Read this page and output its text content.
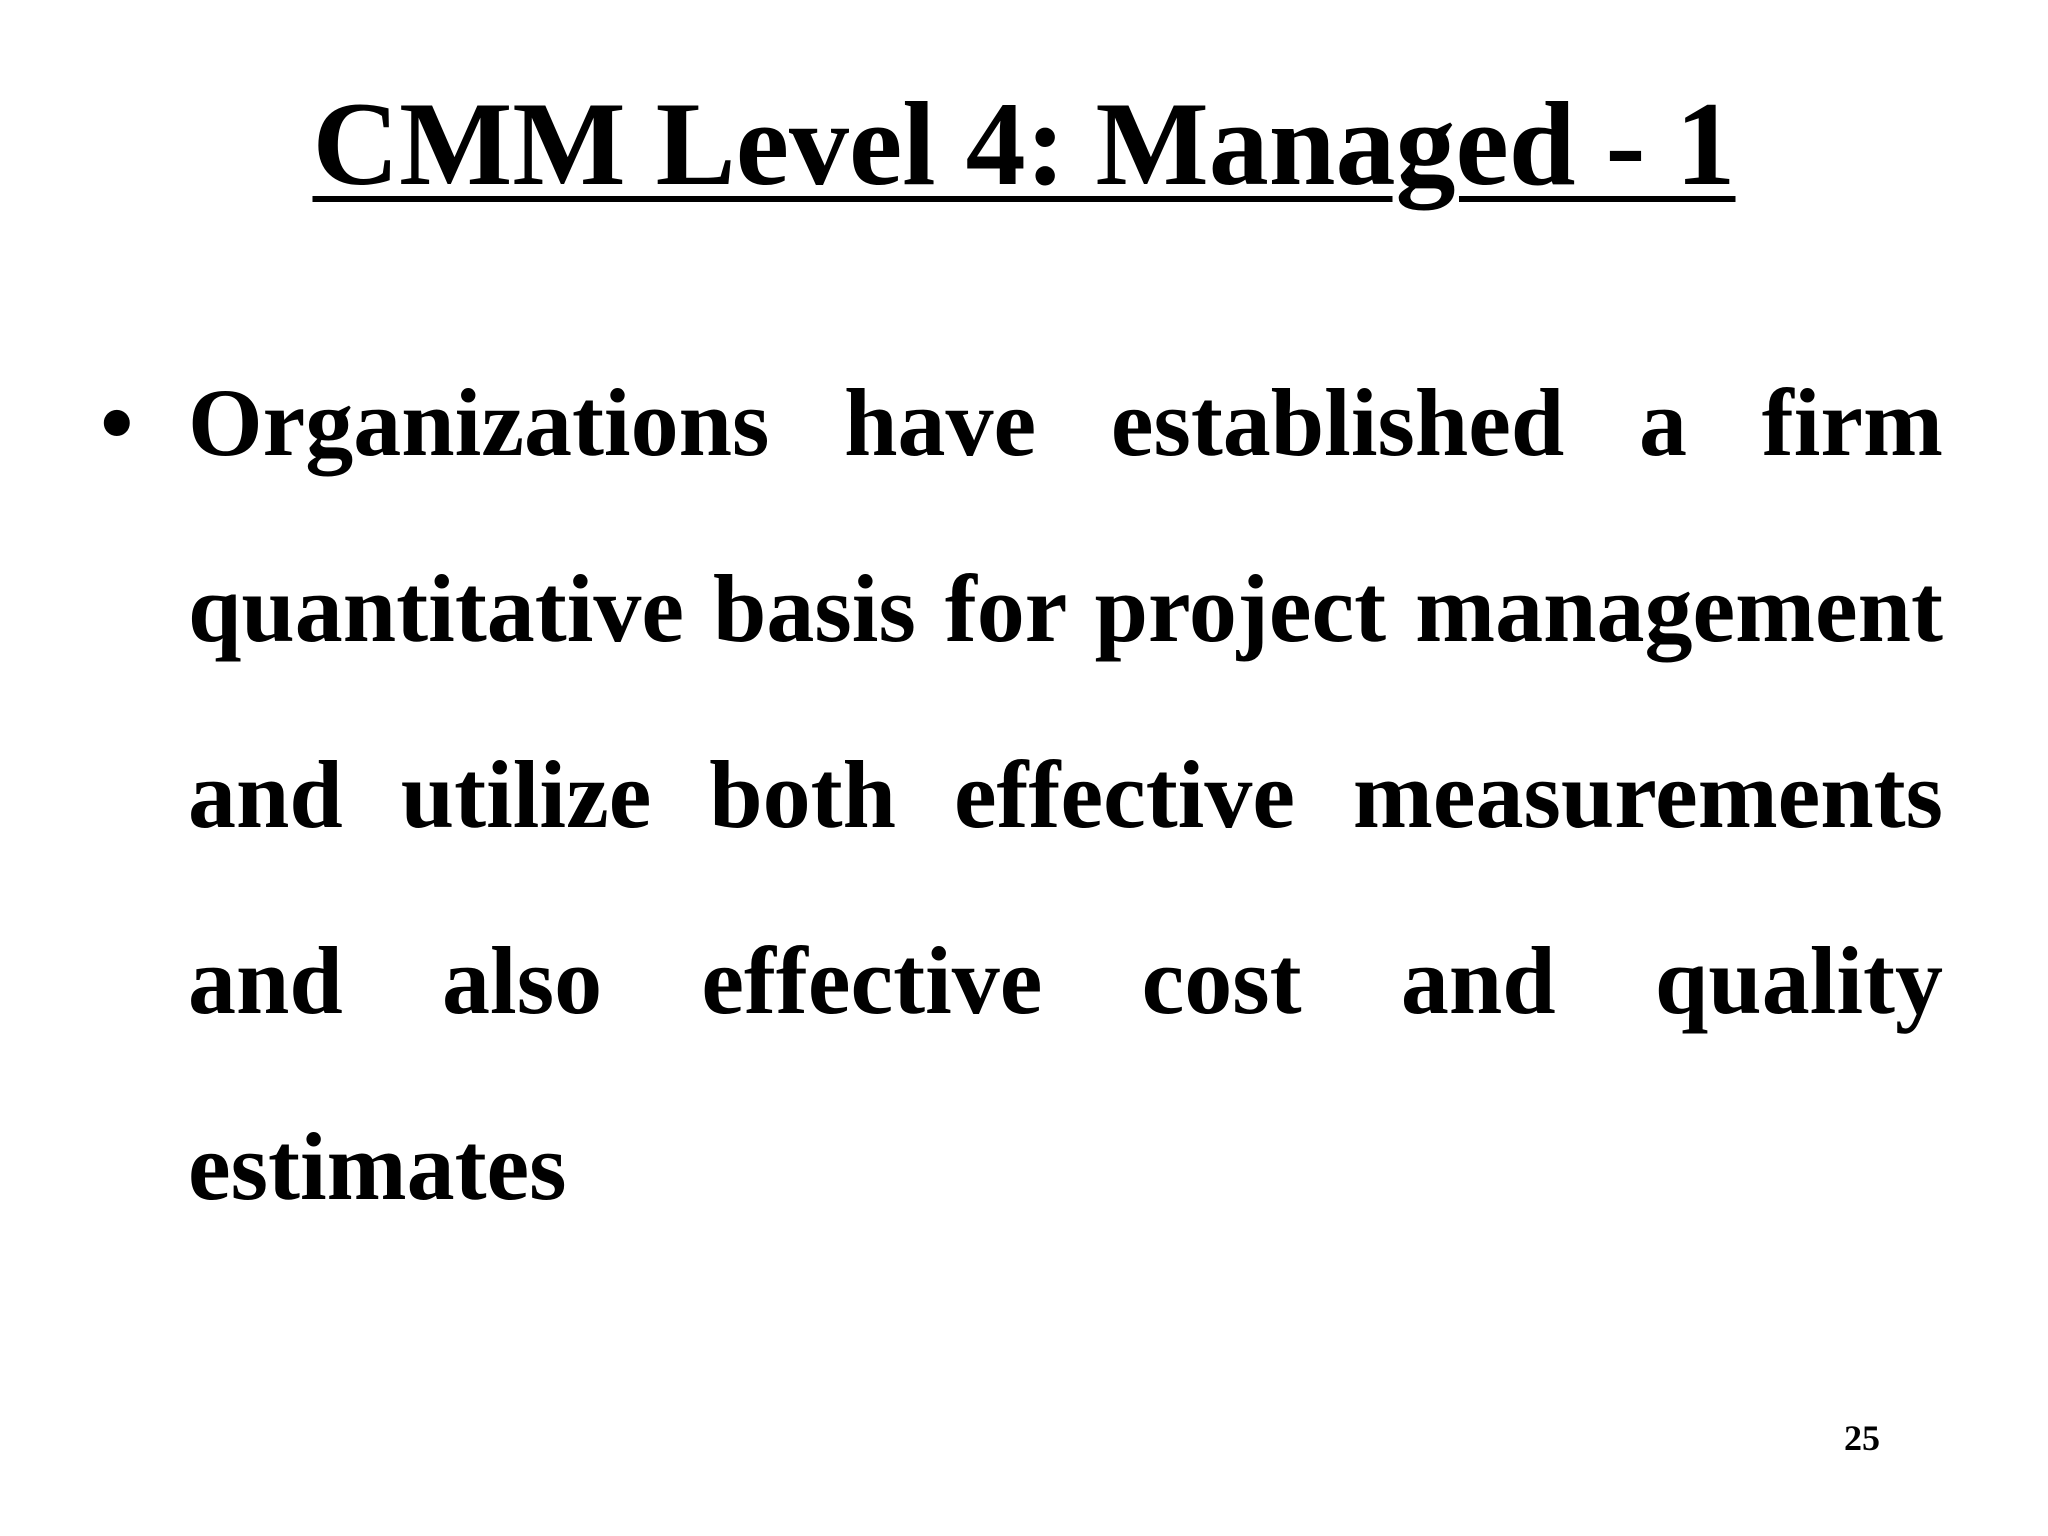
CMM Level 4: Managed - 1
• Organizations have established a firm quantitative basis for project management and utilize both effective measurements and also effective cost and quality estimates

25
